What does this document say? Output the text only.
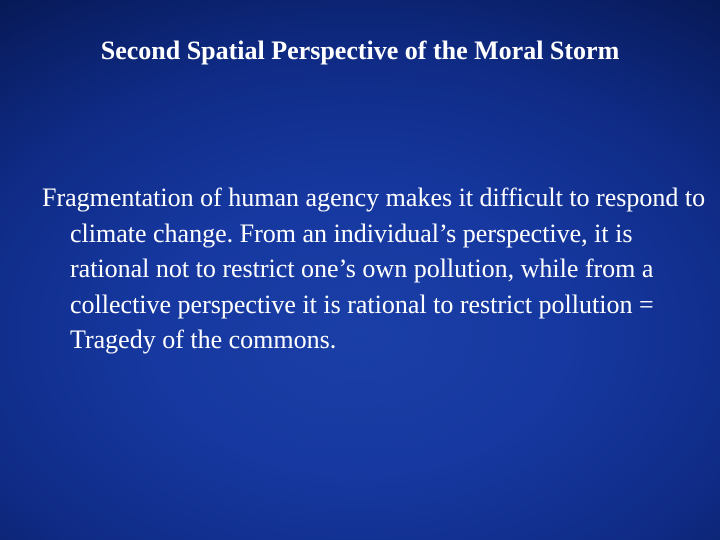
Second Spatial Perspective of the Moral Storm

Fragmentation of human agency makes it difficult to respond to climate change. From an individual’s perspective, it is rational not to restrict one’s own pollution, while from a collective perspective it is rational to restrict pollution = Tragedy of the commons.
